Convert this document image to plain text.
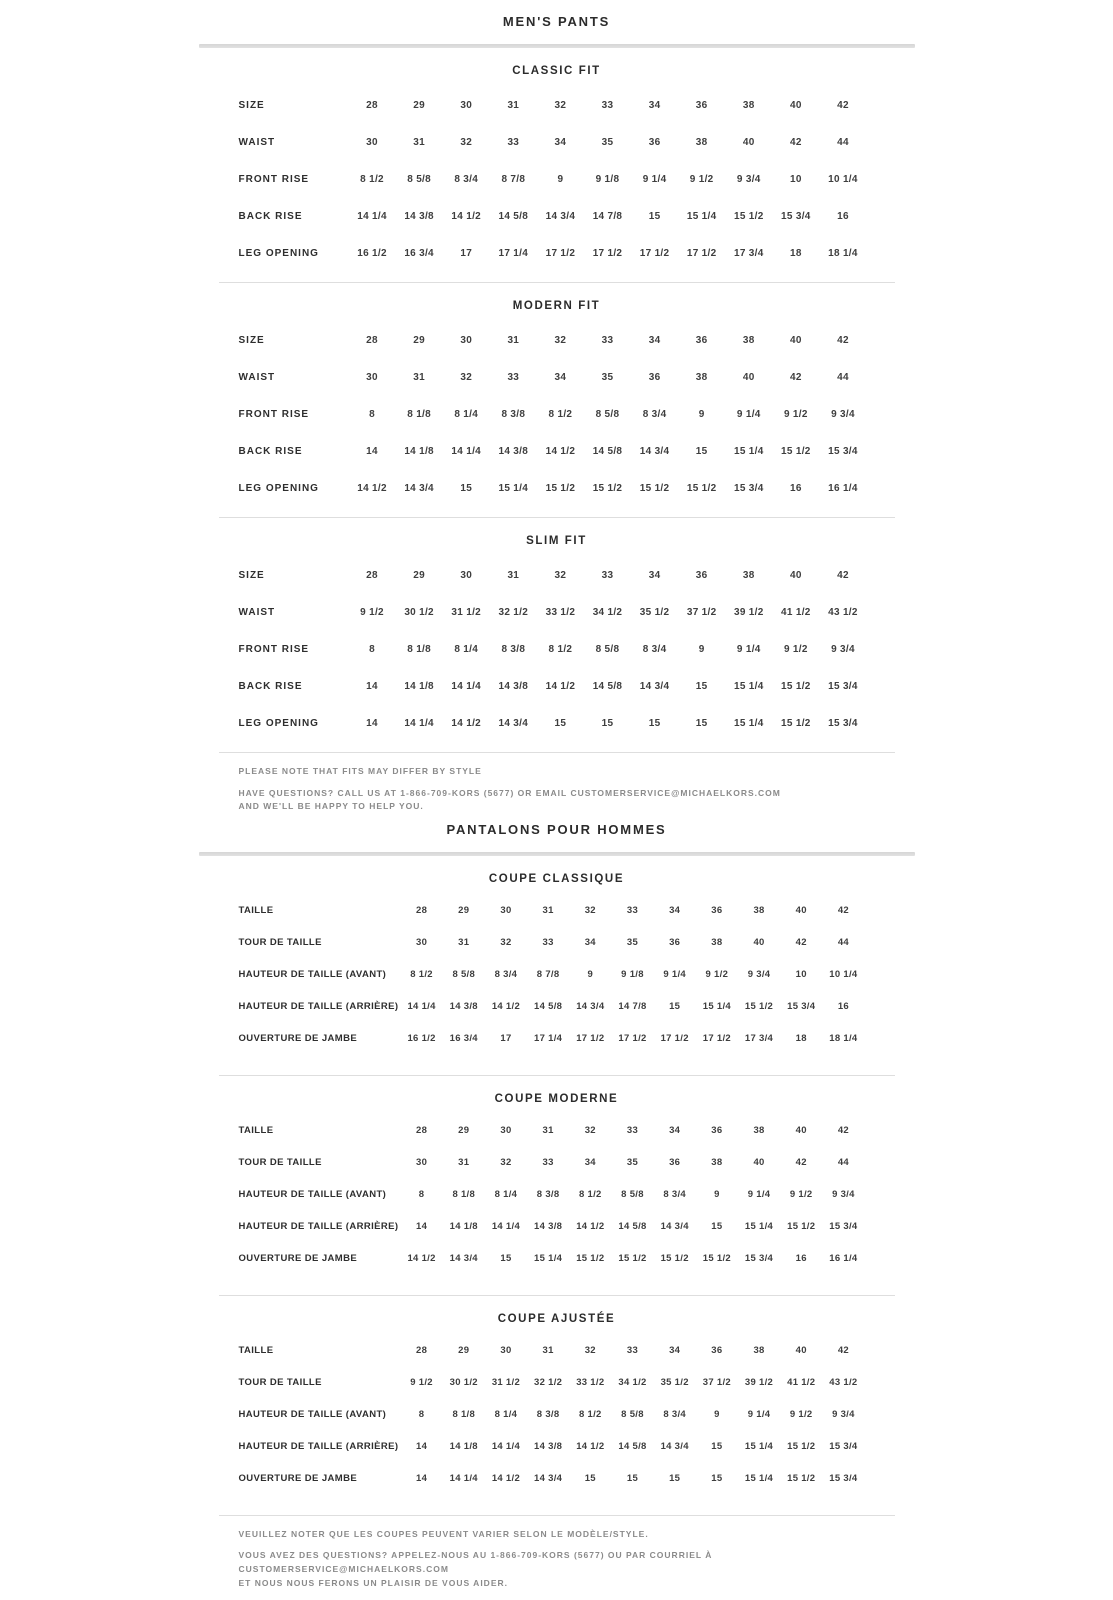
MEN'S PANTS
CLASSIC FIT
SIZE	28	29	30	31	32	33	34	36	38	40	42
WAIST	30	31	32	33	34	35	36	38	40	42	44
FRONT RISE	8 1/2	8 5/8	8 3/4	8 7/8	9	9 1/8	9 1/4	9 1/2	9 3/4	10	10 1/4
BACK RISE	14 1/4	14 3/8	14 1/2	14 5/8	14 3/4	14 7/8	15	15 1/4	15 1/2	15 3/4	16
LEG OPENING	16 1/2	16 3/4	17	17 1/4	17 1/2	17 1/2	17 1/2	17 1/2	17 3/4	18	18 1/4
MODERN FIT
SIZE	28	29	30	31	32	33	34	36	38	40	42
WAIST	30	31	32	33	34	35	36	38	40	42	44
FRONT RISE	8	8 1/8	8 1/4	8 3/8	8 1/2	8 5/8	8 3/4	9	9 1/4	9 1/2	9 3/4
BACK RISE	14	14 1/8	14 1/4	14 3/8	14 1/2	14 5/8	14 3/4	15	15 1/4	15 1/2	15 3/4
LEG OPENING	14 1/2	14 3/4	15	15 1/4	15 1/2	15 1/2	15 1/2	15 1/2	15 3/4	16	16 1/4
SLIM FIT
SIZE	28	29	30	31	32	33	34	36	38	40	42
WAIST	9 1/2	30 1/2	31 1/2	32 1/2	33 1/2	34 1/2	35 1/2	37 1/2	39 1/2	41 1/2	43 1/2
FRONT RISE	8	8 1/8	8 1/4	8 3/8	8 1/2	8 5/8	8 3/4	9	9 1/4	9 1/2	9 3/4
BACK RISE	14	14 1/8	14 1/4	14 3/8	14 1/2	14 5/8	14 3/4	15	15 1/4	15 1/2	15 3/4
LEG OPENING	14	14 1/4	14 1/2	14 3/4	15	15	15	15	15 1/4	15 1/2	15 3/4

PLEASE NOTE THAT FITS MAY DIFFER BY STYLE

HAVE QUESTIONS? CALL US AT 1-866-709-KORS (5677) OR EMAIL CUSTOMERSERVICE@MICHAELKORS.COM
AND WE'LL BE HAPPY TO HELP YOU.

PANTALONS POUR HOMMES
COUPE CLASSIQUE
TAILLE	28	29	30	31	32	33	34	36	38	40	42
TOUR DE TAILLE	30	31	32	33	34	35	36	38	40	42	44
HAUTEUR DE TAILLE (AVANT)	8 1/2	8 5/8	8 3/4	8 7/8	9	9 1/8	9 1/4	9 1/2	9 3/4	10	10 1/4
HAUTEUR DE TAILLE (ARRIÈRE) 14 1/4	14 3/8	14 1/2	14 5/8	14 3/4	14 7/8	15	15 1/4	15 1/2	15 3/4	16
OUVERTURE DE JAMBE	16 1/2	16 3/4	17	17 1/4	17 1/2	17 1/2	17 1/2	17 1/2	17 3/4	18	18 1/4
COUPE MODERNE
TAILLE	28	29	30	31	32	33	34	36	38	40	42
TOUR DE TAILLE	30	31	32	33	34	35	36	38	40	42	44
HAUTEUR DE TAILLE (AVANT)	8	8 1/8	8 1/4	8 3/8	8 1/2	8 5/8	8 3/4	9	9 1/4	9 1/2	9 3/4
HAUTEUR DE TAILLE (ARRIÈRE)	14	14 1/8	14 1/4	14 3/8	14 1/2	14 5/8	14 3/4	15	15 1/4	15 1/2	15 3/4
OUVERTURE DE JAMBE	14 1/2	14 3/4	15	15 1/4	15 1/2	15 1/2	15 1/2	15 1/2	15 3/4	16	16 1/4
COUPE AJUSTÉE
TAILLE	28	29	30	31	32	33	34	36	38	40	42
TOUR DE TAILLE	9 1/2	30 1/2	31 1/2	32 1/2	33 1/2	34 1/2	35 1/2	37 1/2	39 1/2	41 1/2	43 1/2
HAUTEUR DE TAILLE (AVANT)	8	8 1/8	8 1/4	8 3/8	8 1/2	8 5/8	8 3/4	9	9 1/4	9 1/2	9 3/4
HAUTEUR DE TAILLE (ARRIÈRE)	14	14 1/8	14 1/4	14 3/8	14 1/2	14 5/8	14 3/4	15	15 1/4	15 1/2	15 3/4
OUVERTURE DE JAMBE	14	14 1/4	14 1/2	14 3/4	15	15	15	15	15 1/4	15 1/2	15 3/4

VEUILLEZ NOTER QUE LES COUPES PEUVENT VARIER SELON LE MODÈLE/STYLE.

VOUS AVEZ DES QUESTIONS? APPELEZ-NOUS AU 1-866-709-KORS (5677) OU PAR COURRIEL À CUSTOMERSERVICE@MICHAELKORS.COM
ET NOUS NOUS FERONS UN PLAISIR DE VOUS AIDER.
